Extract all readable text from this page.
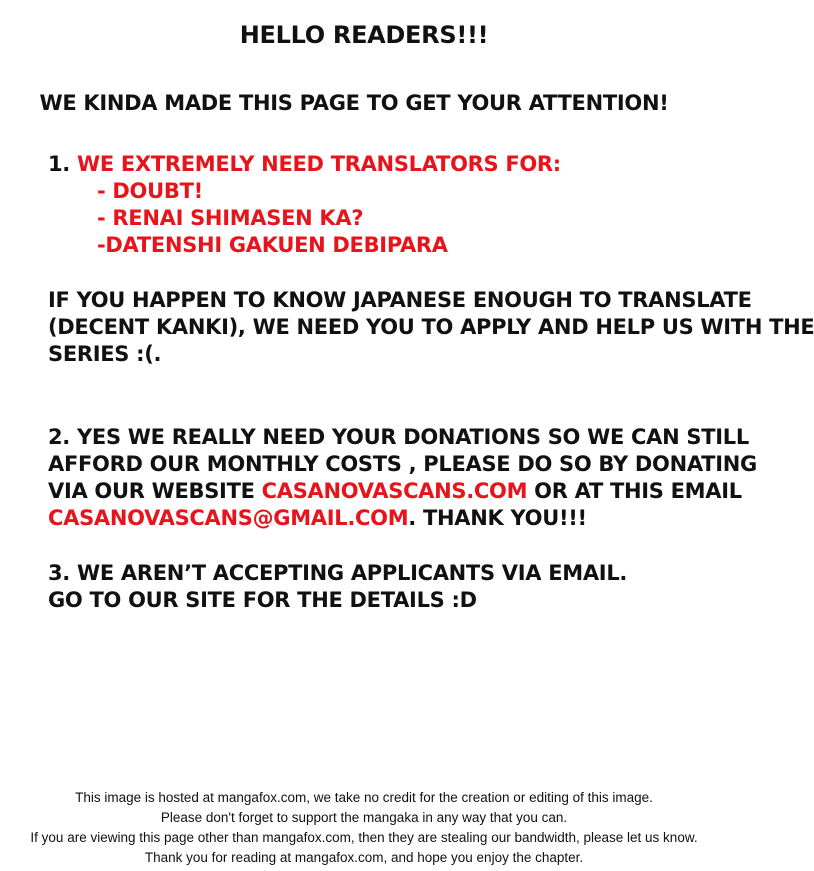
HELLO READERS!!!
WE KINDA MADE THIS PAGE TO GET YOUR ATTENTION!
1. WE EXTREMELY NEED TRANSLATORS FOR:
- DOUBT!
- RENAI SHIMASEN KA?
-DATENSHI GAKUEN DEBIPARA
IF YOU HAPPEN TO KNOW JAPANESE ENOUGH TO TRANSLATE
(DECENT KANKI), WE NEED YOU TO APPLY AND HELP US WITH THE
SERIES :(.
2. YES WE REALLY NEED YOUR DONATIONS SO WE CAN STILL
AFFORD OUR MONTHLY COSTS , PLEASE DO SO BY DONATING
VIA OUR WEBSITE CASANOVASCANS.COM OR AT THIS EMAIL
CASANOVASCANS@GMAIL.COM. THANK YOU!!!
3. WE AREN’T ACCEPTING APPLICANTS VIA EMAIL.
GO TO OUR SITE FOR THE DETAILS :D
This image is hosted at mangafox.com, we take no credit for the creation or editing of this image.
Please don't forget to support the mangaka in any way that you can.
If you are viewing this page other than mangafox.com, then they are stealing our bandwidth, please let us know.
Thank you for reading at mangafox.com, and hope you enjoy the chapter.
